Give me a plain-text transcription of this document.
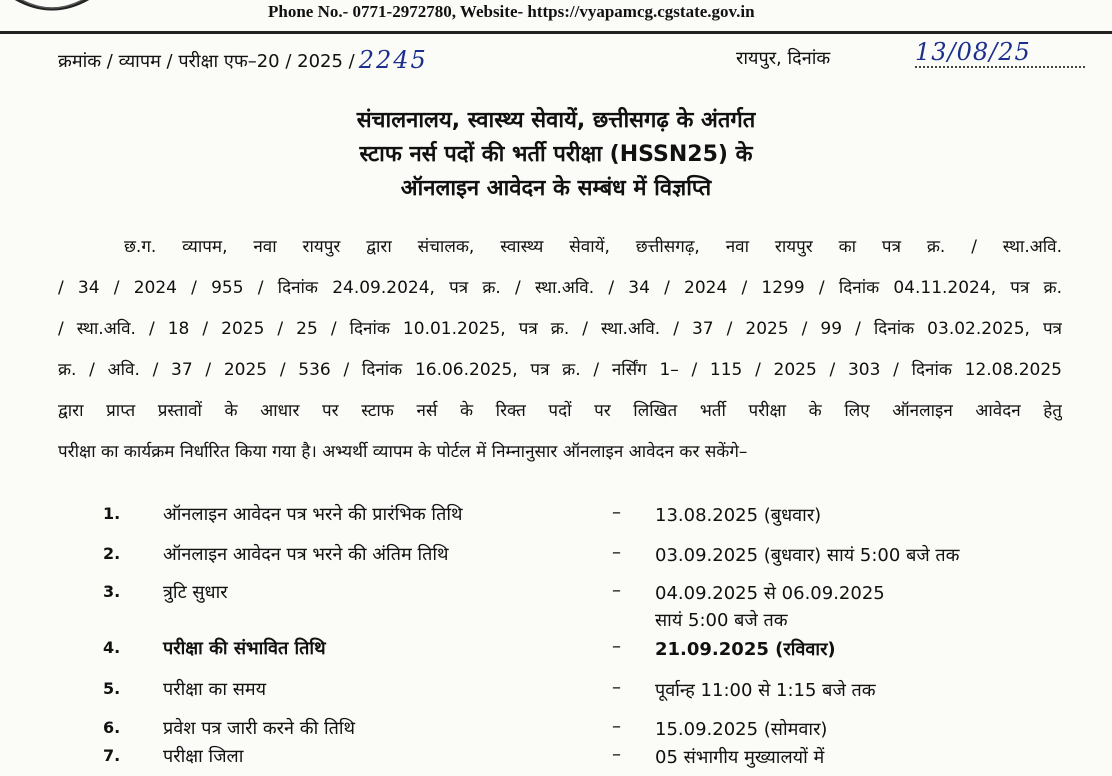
Phone No.- 0771-2972780, Website- https://vyapamcg.cgstate.gov.in
क्रमांक / व्यापम / परीक्षा एफ–20 / 2025 / 2245	रायपुर, दिनांक	13/08/25
संचालनालय, स्वास्थ्य सेवायें, छत्तीसगढ़ के अंतर्गत
स्टाफ नर्स पदों की भर्ती परीक्षा (HSSN25) के
ऑनलाइन आवेदन के सम्बंध में विज्ञप्ति
छ.ग. व्यापम, नवा रायपुर द्वारा संचालक, स्वास्थ्य सेवायें, छत्तीसगढ़, नवा रायपुर का पत्र क्र. / स्था.अवि.
/ 34 / 2024 / 955 / दिनांक 24.09.2024, पत्र क्र. / स्था.अवि. / 34 / 2024 / 1299 / दिनांक 04.11.2024, पत्र क्र.
/ स्था.अवि. / 18 / 2025 / 25 / दिनांक 10.01.2025, पत्र क्र. / स्था.अवि. / 37 / 2025 / 99 / दिनांक 03.02.2025, पत्र
क्र. / अवि. / 37 / 2025 / 536 / दिनांक 16.06.2025, पत्र क्र. / नर्सिंग 1– / 115 / 2025 / 303 / दिनांक 12.08.2025
द्वारा प्राप्त प्रस्तावों के आधार पर स्टाफ नर्स के रिक्त पदों पर लिखित भर्ती परीक्षा के लिए ऑनलाइन आवेदन हेतु
परीक्षा का कार्यक्रम निर्धारित किया गया है। अभ्यर्थी व्यापम के पोर्टल में निम्नानुसार ऑनलाइन आवेदन कर सकेंगे–
1. ऑनलाइन आवेदन पत्र भरने की प्रारंभिक तिथि	– 13.08.2025 (बुधवार)
2. ऑनलाइन आवेदन पत्र भरने की अंतिम तिथि	– 03.09.2025 (बुधवार) सायं 5:00 बजे तक
3. त्रुटि सुधार	– 04.09.2025 से 06.09.2025
सायं 5:00 बजे तक
4. परीक्षा की संभावित तिथि	– 21.09.2025 (रविवार)
5. परीक्षा का समय	– पूर्वान्ह 11:00 से 1:15 बजे तक
6. प्रवेश पत्र जारी करने की तिथि	– 15.09.2025 (सोमवार)
7. परीक्षा जिला	– 05 संभागीय मुख्यालयों में
